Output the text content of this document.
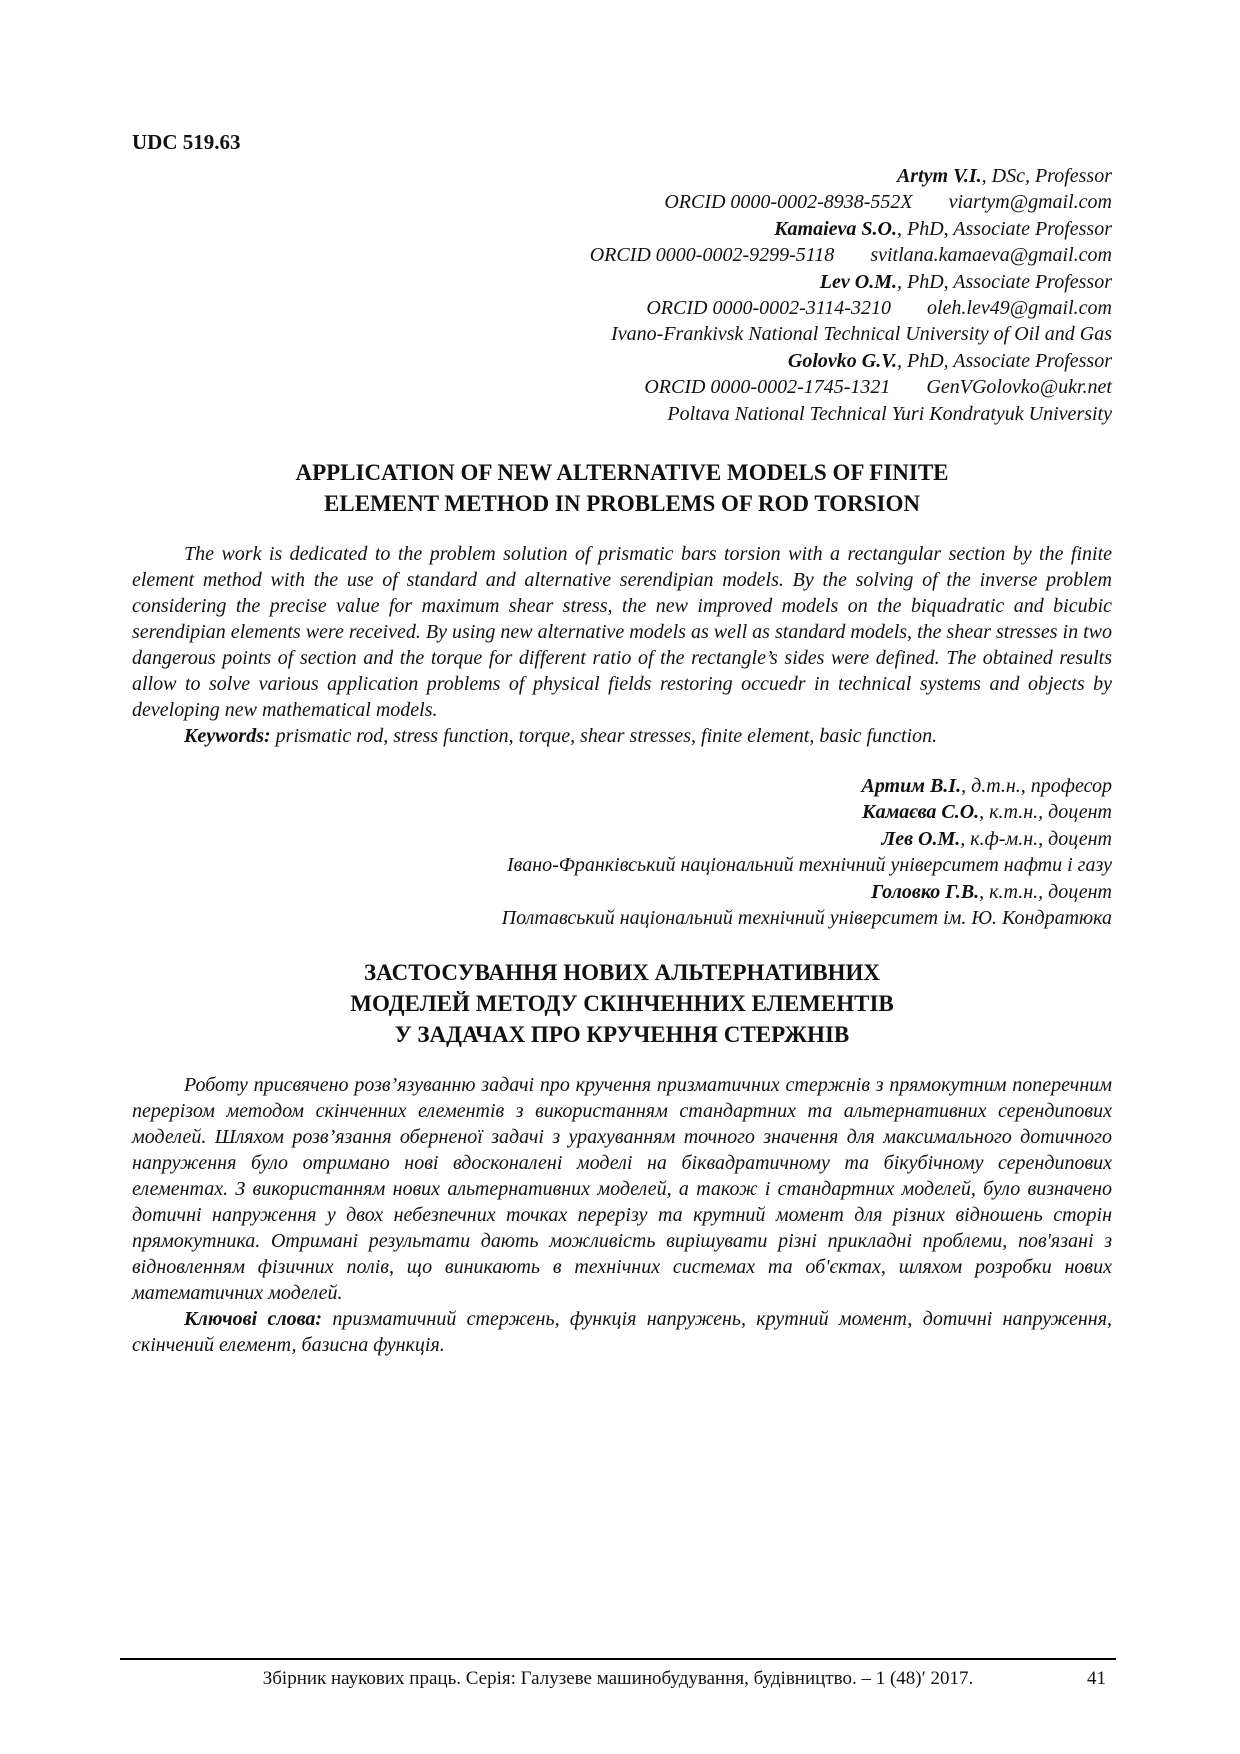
UDC 519.63
Artym V.I., DSc, Professor
ORCID 0000-0002-8938-552X viartym@gmail.com
Kamaieva S.O., PhD, Associate Professor
ORCID 0000-0002-9299-5118 svitlana.kamaeva@gmail.com
Lev O.M., PhD, Associate Professor
ORCID 0000-0002-3114-3210 oleh.lev49@gmail.com
Ivano-Frankivsk National Technical University of Oil and Gas
Golovko G.V., PhD, Associate Professor
ORCID 0000-0002-1745-1321 GenVGolovko@ukr.net
Poltava National Technical Yuri Kondratyuk University
APPLICATION OF NEW ALTERNATIVE MODELS OF FINITE
ELEMENT METHOD IN PROBLEMS OF ROD TORSION
The work is dedicated to the problem solution of prismatic bars torsion with a rectangular section by the finite element method with the use of standard and alternative serendipian models. By the solving of the inverse problem considering the precise value for maximum shear stress, the new improved models on the biquadratic and bicubic serendipian elements were received. By using new alternative models as well as standard models, the shear stresses in two dangerous points of section and the torque for different ratio of the rectangle’s sides were defined. The obtained results allow to solve various application problems of physical fields restoring occuedr in technical systems and objects by developing new mathematical models.
Keywords: prismatic rod, stress function, torque, shear stresses, finite element, basic function.
Артим В.І., д.т.н., професор
Камаєва С.О., к.т.н., доцент
Лев О.М., к.ф-м.н., доцент
Івано-Франківський національний технічний університет нафти і газу
Головко Г.В., к.т.н., доцент
Полтавський національний технічний університет ім. Ю. Кондратюка
ЗАСТОСУВАННЯ НОВИХ АЛЬТЕРНАТИВНИХ
МОДЕЛЕЙ МЕТОДУ СКІНЧЕННИХ ЕЛЕМЕНТІВ
У ЗАДАЧАХ ПРО КРУЧЕННЯ СТЕРЖНІВ
Роботу присвячено розв’язуванню задачі про кручення призматичних стержнів з прямокутним поперечним перерізом методом скінченних елементів з використанням стандартних та альтернативних серендипових моделей. Шляхом розв’язання оберненої задачі з урахуванням точного значення для максимального дотичного напруження було отримано нові вдосконалені моделі на біквадратичному та бікубічному серендипових елементах. З використанням нових альтернативних моделей, а також і стандартних моделей, було визначено дотичні напруження у двох небезпечних точках перерізу та крутний момент для різних відношень сторін прямокутника. Отримані результати дають можливість вирішувати різні прикладні проблеми, пов'язані з відновленням фізичних полів, що виникають в технічних системах та об'єктах, шляхом розробки нових математичних моделей.
Ключові слова: призматичний стержень, функція напружень, крутний момент, дотичні напруження, скінчений елемент, базисна функція.
Збірник наукових праць. Серія: Галузеве машинобудування, будівництво. – 1 (48)′ 2017.	41
